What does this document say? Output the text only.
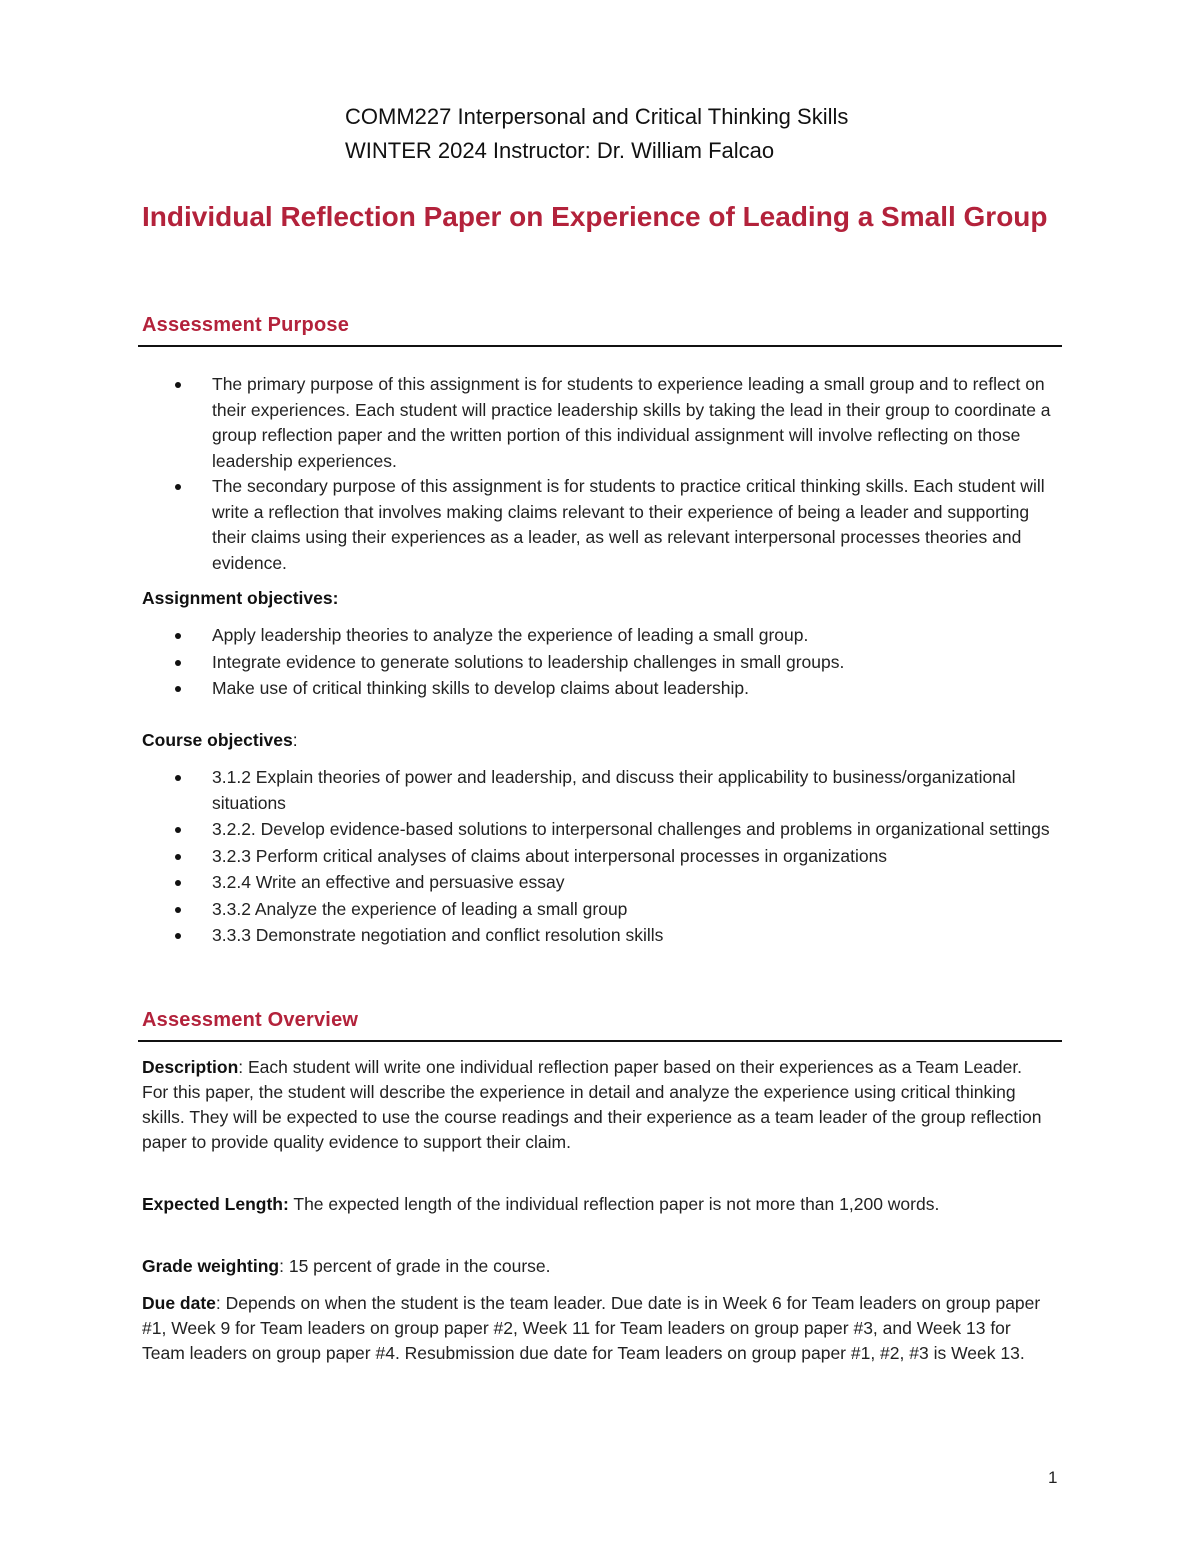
COMM227 Interpersonal and Critical Thinking Skills
WINTER 2024 Instructor: Dr. William Falcao
Individual Reflection Paper on Experience of Leading a Small Group
Assessment Purpose
The primary purpose of this assignment is for students to experience leading a small group and to reflect on their experiences. Each student will practice leadership skills by taking the lead in their group to coordinate a group reflection paper and the written portion of this individual assignment will involve reflecting on those leadership experiences.
The secondary purpose of this assignment is for students to practice critical thinking skills. Each student will write a reflection that involves making claims relevant to their experience of being a leader and supporting their claims using their experiences as a leader, as well as relevant interpersonal processes theories and evidence.

Assignment objectives:

Apply leadership theories to analyze the experience of leading a small group.
Integrate evidence to generate solutions to leadership challenges in small groups.
Make use of critical thinking skills to develop claims about leadership.

Course objectives:

3.1.2 Explain theories of power and leadership, and discuss their applicability to business/organizational situations
3.2.2. Develop evidence-based solutions to interpersonal challenges and problems in organizational settings
3.2.3 Perform critical analyses of claims about interpersonal processes in organizations
3.2.4 Write an effective and persuasive essay
3.3.2 Analyze the experience of leading a small group
3.3.3 Demonstrate negotiation and conflict resolution skills
Assessment Overview

Description: Each student will write one individual reflection paper based on their experiences as a Team Leader. For this paper, the student will describe the experience in detail and analyze the experience using critical thinking skills. They will be expected to use the course readings and their experience as a team leader of the group reflection paper to provide quality evidence to support their claim.

Expected Length: The expected length of the individual reflection paper is not more than 1,200 words.

Grade weighting: 15 percent of grade in the course.

Due date: Depends on when the student is the team leader. Due date is in Week 6 for Team leaders on group paper #1, Week 9 for Team leaders on group paper #2, Week 11 for Team leaders on group paper #3, and Week 13 for Team leaders on group paper #4. Resubmission due date for Team leaders on group paper #1, #2, #3 is Week 13.

1
